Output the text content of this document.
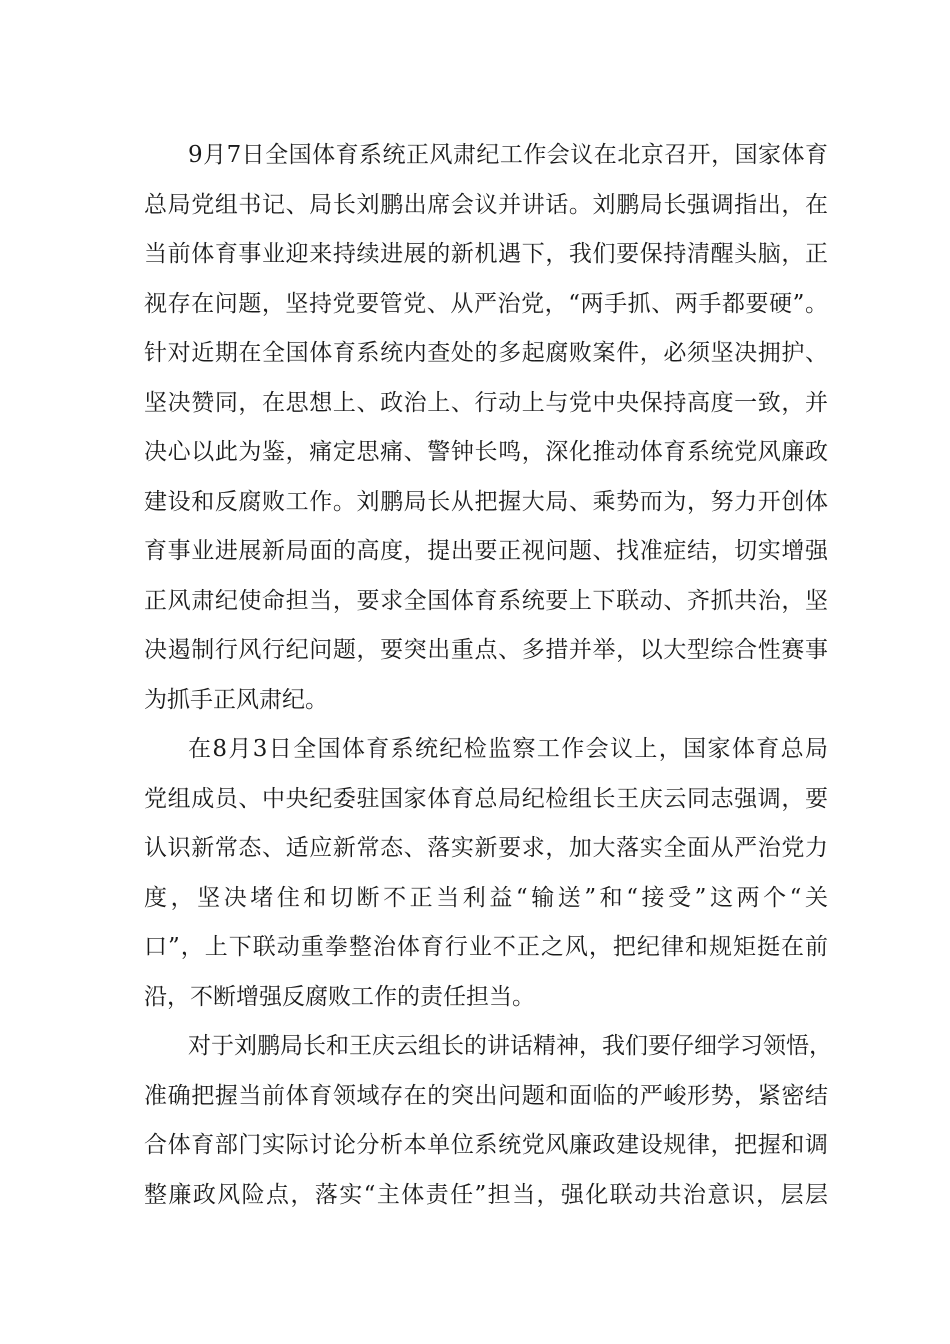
9月7日全国体育系统正风肃纪工作会议在北京召开，国家体育
总局党组书记、局长刘鹏出席会议并讲话。刘鹏局长强调指出，在
当前体育事业迎来持续进展的新机遇下，我们要保持清醒头脑，正
视存在问题，坚持党要管党、从严治党，“两手抓、两手都要硬”。
针对近期在全国体育系统内查处的多起腐败案件，必须坚决拥护、
坚决赞同，在思想上、政治上、行动上与党中央保持高度一致，并
决心以此为鉴，痛定思痛、警钟长鸣，深化推动体育系统党风廉政
建设和反腐败工作。刘鹏局长从把握大局、乘势而为，努力开创体
育事业进展新局面的高度，提出要正视问题、找准症结，切实增强
正风肃纪使命担当，要求全国体育系统要上下联动、齐抓共治，坚
决遏制行风行纪问题，要突出重点、多措并举，以大型综合性赛事
为抓手正风肃纪。
在8月3日全国体育系统纪检监察工作会议上，国家体育总局
党组成员、中央纪委驻国家体育总局纪检组长王庆云同志强调，要
认识新常态、适应新常态、落实新要求，加大落实全面从严治党力
度，坚决堵住和切断不正当利益“输送”和“接受”这两个“关
口”，上下联动重拳整治体育行业不正之风，把纪律和规矩挺在前
沿，不断增强反腐败工作的责任担当。
对于刘鹏局长和王庆云组长的讲话精神，我们要仔细学习领悟，
准确把握当前体育领域存在的突出问题和面临的严峻形势，紧密结
合体育部门实际讨论分析本单位系统党风廉政建设规律，把握和调
整廉政风险点，落实“主体责任”担当，强化联动共治意识，层层
